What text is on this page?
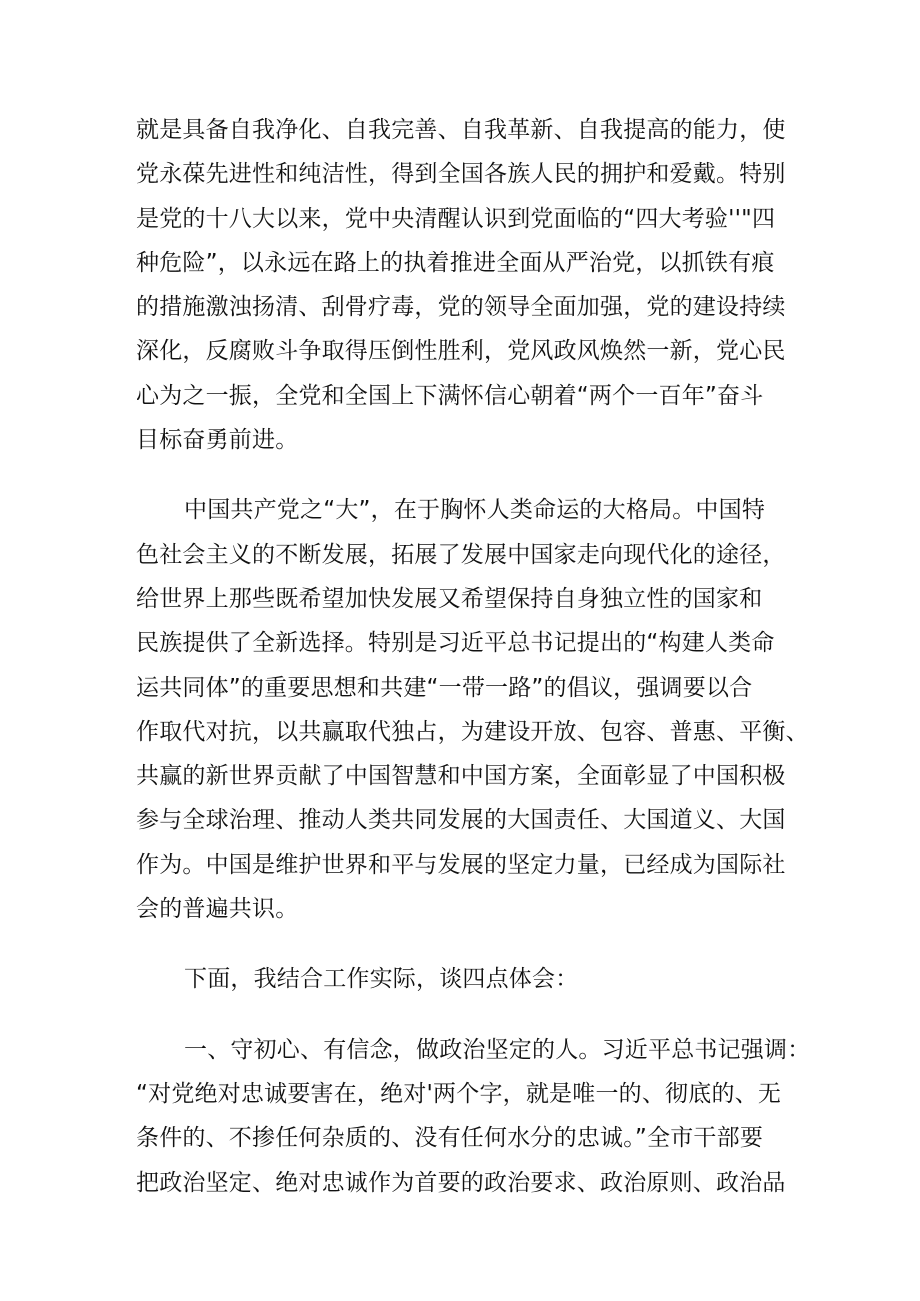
就是具备自我净化、自我完善、自我革新、自我提高的能力，使
党永葆先进性和纯洁性，得到全国各族人民的拥护和爱戴。特别
是党的十八大以来，党中央清醒认识到党面临的“四大考验''"四
种危险”，以永远在路上的执着推进全面从严治党，以抓铁有痕
的措施激浊扬清、刮骨疗毒，党的领导全面加强，党的建设持续
深化，反腐败斗争取得压倒性胜利，党风政风焕然一新，党心民
心为之一振，全党和全国上下满怀信心朝着“两个一百年”奋斗
目标奋勇前进。

中国共产党之“大”，在于胸怀人类命运的大格局。中国特
色社会主义的不断发展，拓展了发展中国家走向现代化的途径，
给世界上那些既希望加快发展又希望保持自身独立性的国家和
民族提供了全新选择。特别是习近平总书记提出的“构建人类命
运共同体”的重要思想和共建“一带一路”的倡议，强调要以合
作取代对抗，以共赢取代独占，为建设开放、包容、普惠、平衡、
共赢的新世界贡献了中国智慧和中国方案，全面彰显了中国积极
参与全球治理、推动人类共同发展的大国责任、大国道义、大国
作为。中国是维护世界和平与发展的坚定力量，已经成为国际社
会的普遍共识。

下面，我结合工作实际，谈四点体会：

一、守初心、有信念，做政治坚定的人。习近平总书记强调：
“对党绝对忠诚要害在，绝对'两个字，就是唯一的、彻底的、无
条件的、不掺任何杂质的、没有任何水分的忠诚。”全市干部要
把政治坚定、绝对忠诚作为首要的政治要求、政治原则、政治品
